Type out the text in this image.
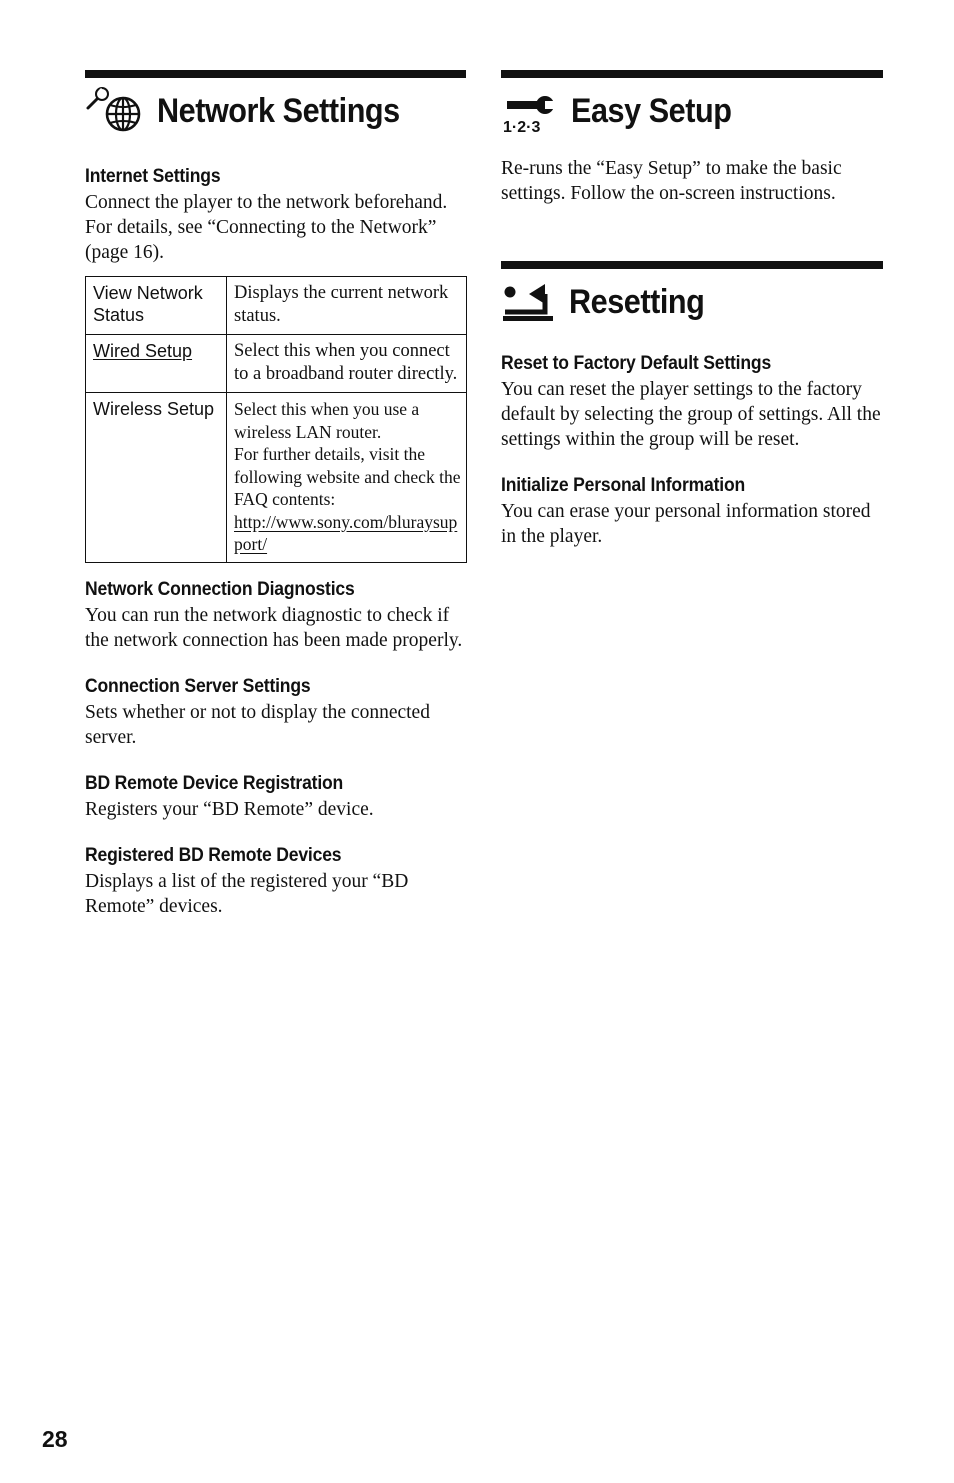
Network Settings
Internet Settings

Connect the player to the network beforehand. For details, see “Connecting to the Network” (page 16).

View Network Status	Displays the current network status.

Wired Setup	Select this when you connect to a broadband router directly.

Wireless Setup	Select this when you use a wireless LAN router.
For further details, visit the following website and check the FAQ contents:
http://www.sony.com/bluraysupport/
Network Connection Diagnostics

You can run the network diagnostic to check if the network connection has been made properly.

Connection Server Settings

Sets whether or not to display the connected server.

BD Remote Device Registration

Registers your “BD Remote” device.

Registered BD Remote Devices

Displays a list of the registered your “BD Remote” devices.

1·2·3 Easy Setup

Re-runs the “Easy Setup” to make the basic settings. Follow the on-screen instructions.

Resetting
Reset to Factory Default Settings

You can reset the player settings to the factory default by selecting the group of settings. All the settings within the group will be reset.

Initialize Personal Information

You can erase your personal information stored in the player.

28
